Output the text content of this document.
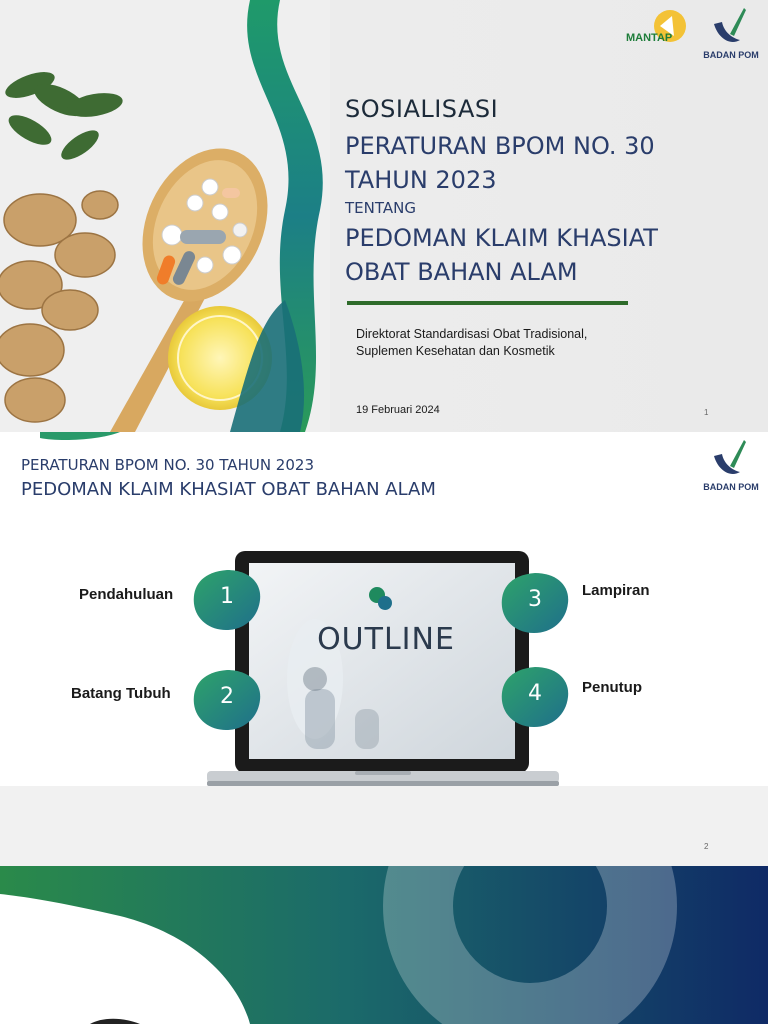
MANTAP
BADAN POM
SOSIALISASI
PERATURAN BPOM NO. 30
TAHUN 2023
TENTANG
PEDOMAN KLAIM KHASIAT
OBAT BAHAN ALAM
Direktorat Standardisasi Obat Tradisional,
Suplemen Kesehatan dan Kosmetik
19 Februari 2024	1
PERATURAN BPOM NO. 30 TAHUN 2023
PEDOMAN KLAIM KHASIAT OBAT BAHAN ALAM	BADAN POM
OUTLINE
Pendahuluan	1
Batang Tubuh	2
3	Lampiran
4	Penutup
2
